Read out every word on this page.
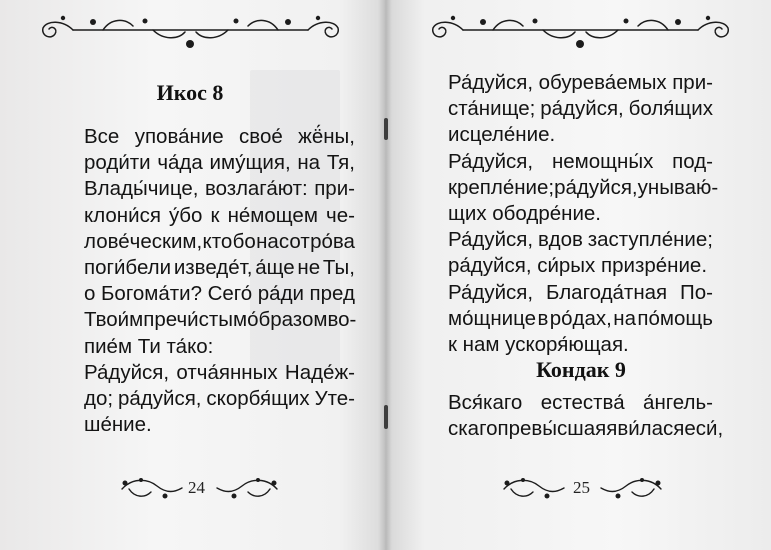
Икос 8
Все упова́ние свое́ жё́ны,
роди́ти ча́да иму́щия, на Тя,
Влады́чице, возлага́ют: при-
клони́ся у́бо к не́мощем че-
лове́ческим, кто бо нас от ро́ва
поги́бели изведе́т, а́ще не Ты,
о Богома́ти? Сего́ ра́ди пред
Твои́м пречи́стым о́бразом во-
пие́м Ти та́ко:
Ра́дуйся, отча́янных Наде́ж-
до; ра́дуйся, скорбя́щих Уте-
ше́ние.
24
Ра́дуйся, обурева́емых при-
ста́нище; ра́дуйся, боля́щих
исцеле́ние.
Ра́дуйся, немощны́х под-
крепле́ние; ра́дуйся, унываю́-
щих ободре́ние.
Ра́дуйся, вдов заступле́ние;
ра́дуйся, си́рых призре́ние.
Ра́дуйся, Благода́тная По-
мо́щнице в ро́дах, на по́мощь
к нам ускоря́ющая.
Кондак 9
Вся́каго естества́ а́нгель-
скаго превы́сшая яви́лася еси́,
25
